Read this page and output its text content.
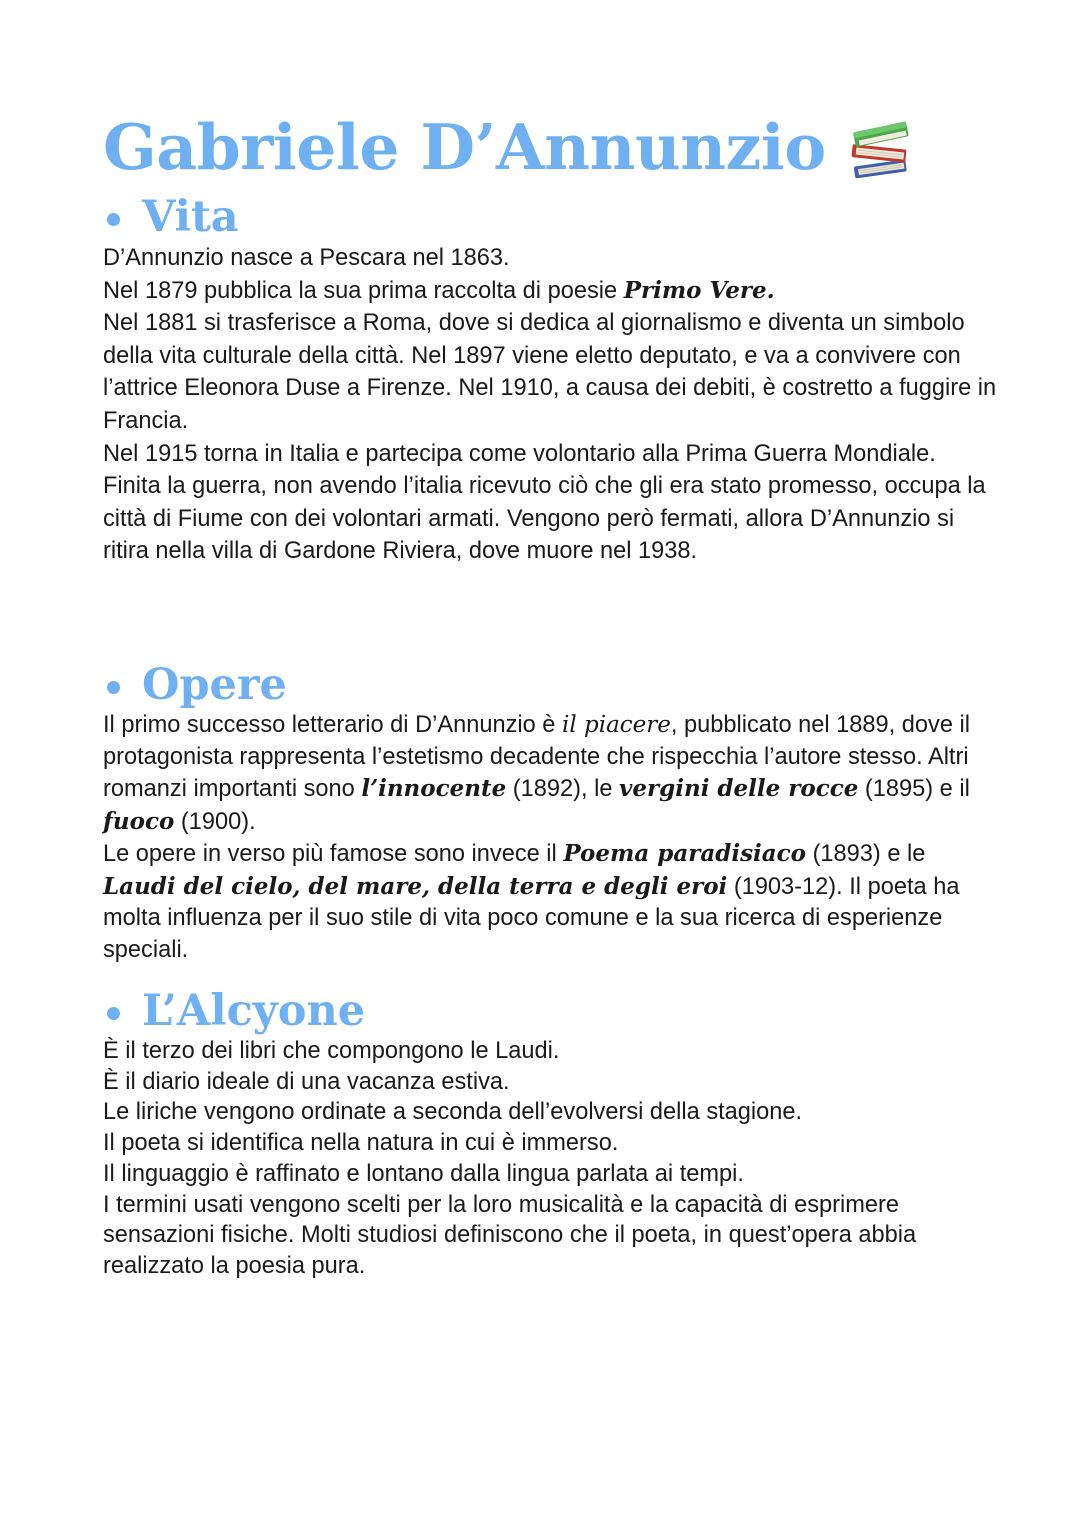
Gabriele D’Annunzio
Vita

D’Annunzio nasce a Pescara nel 1863.
Nel 1879 pubblica la sua prima raccolta di poesie Primo Vere.
Nel 1881 si trasferisce a Roma, dove si dedica al giornalismo e diventa un simbolo della vita culturale della città. Nel 1897 viene eletto deputato, e va a convivere con l’attrice Eleonora Duse a Firenze. Nel 1910, a causa dei debiti, è costretto a fuggire in Francia.
Nel 1915 torna in Italia e partecipa come volontario alla Prima Guerra Mondiale.
Finita la guerra, non avendo l’italia ricevuto ciò che gli era stato promesso, occupa la città di Fiume con dei volontari armati. Vengono però fermati, allora D’Annunzio si ritira nella villa di Gardone Riviera, dove muore nel 1938.

Opere

Il primo successo letterario di D’Annunzio è il piacere, pubblicato nel 1889, dove il protagonista rappresenta l’estetismo decadente che rispecchia l’autore stesso. Altri romanzi importanti sono l’innocente (1892), le vergini delle rocce (1895) e il fuoco (1900).
Le opere in verso più famose sono invece il Poema paradisiaco (1893) e le Laudi del cielo, del mare, della terra e degli eroi (1903-12). Il poeta ha molta influenza per il suo stile di vita poco comune e la sua ricerca di esperienze speciali.

L’Alcyone

È il terzo dei libri che compongono le Laudi.
È il diario ideale di una vacanza estiva.
Le liriche vengono ordinate a seconda dell’evolversi della stagione.
Il poeta si identifica nella natura in cui è immerso.
Il linguaggio è raffinato e lontano dalla lingua parlata ai tempi.
I termini usati vengono scelti per la loro musicalità e la capacità di esprimere sensazioni fisiche. Molti studiosi definiscono che il poeta, in quest’opera abbia realizzato la poesia pura.
